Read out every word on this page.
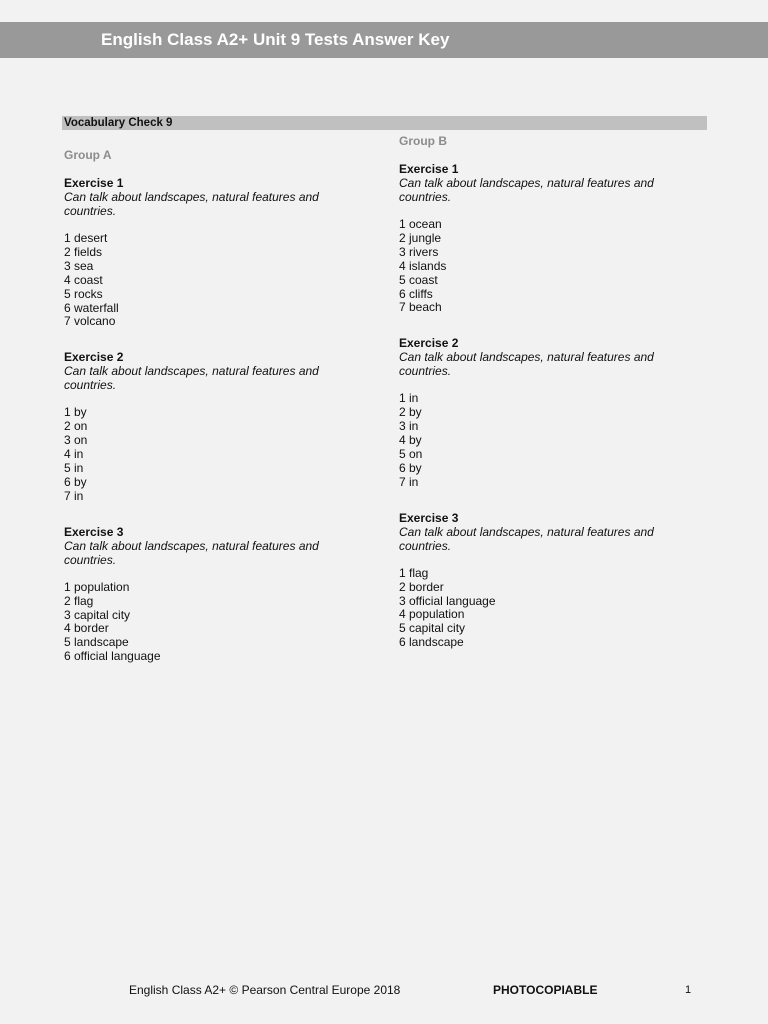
English Class A2+ Unit 9 Tests Answer Key
Vocabulary Check 9
Group A
Exercise 1
Can talk about landscapes, natural features and countries.
1 desert
2 fields
3 sea
4 coast
5 rocks
6 waterfall
7 volcano
Exercise 2
Can talk about landscapes, natural features and countries.
1 by
2 on
3 on
4 in
5 in
6 by
7 in
Exercise 3
Can talk about landscapes, natural features and countries.
1 population
2 flag
3 capital city
4 border
5 landscape
6 official language
Group B
Exercise 1
Can talk about landscapes, natural features and countries.
1 ocean
2 jungle
3 rivers
4 islands
5 coast
6 cliffs
7 beach
Exercise 2
Can talk about landscapes, natural features and countries.
1 in
2 by
3 in
4 by
5 on
6 by
7 in
Exercise 3
Can talk about landscapes, natural features and countries.
1 flag
2 border
3 official language
4 population
5 capital city
6 landscape
English Class A2+ © Pearson Central Europe 2018	PHOTOCOPIABLE	1
